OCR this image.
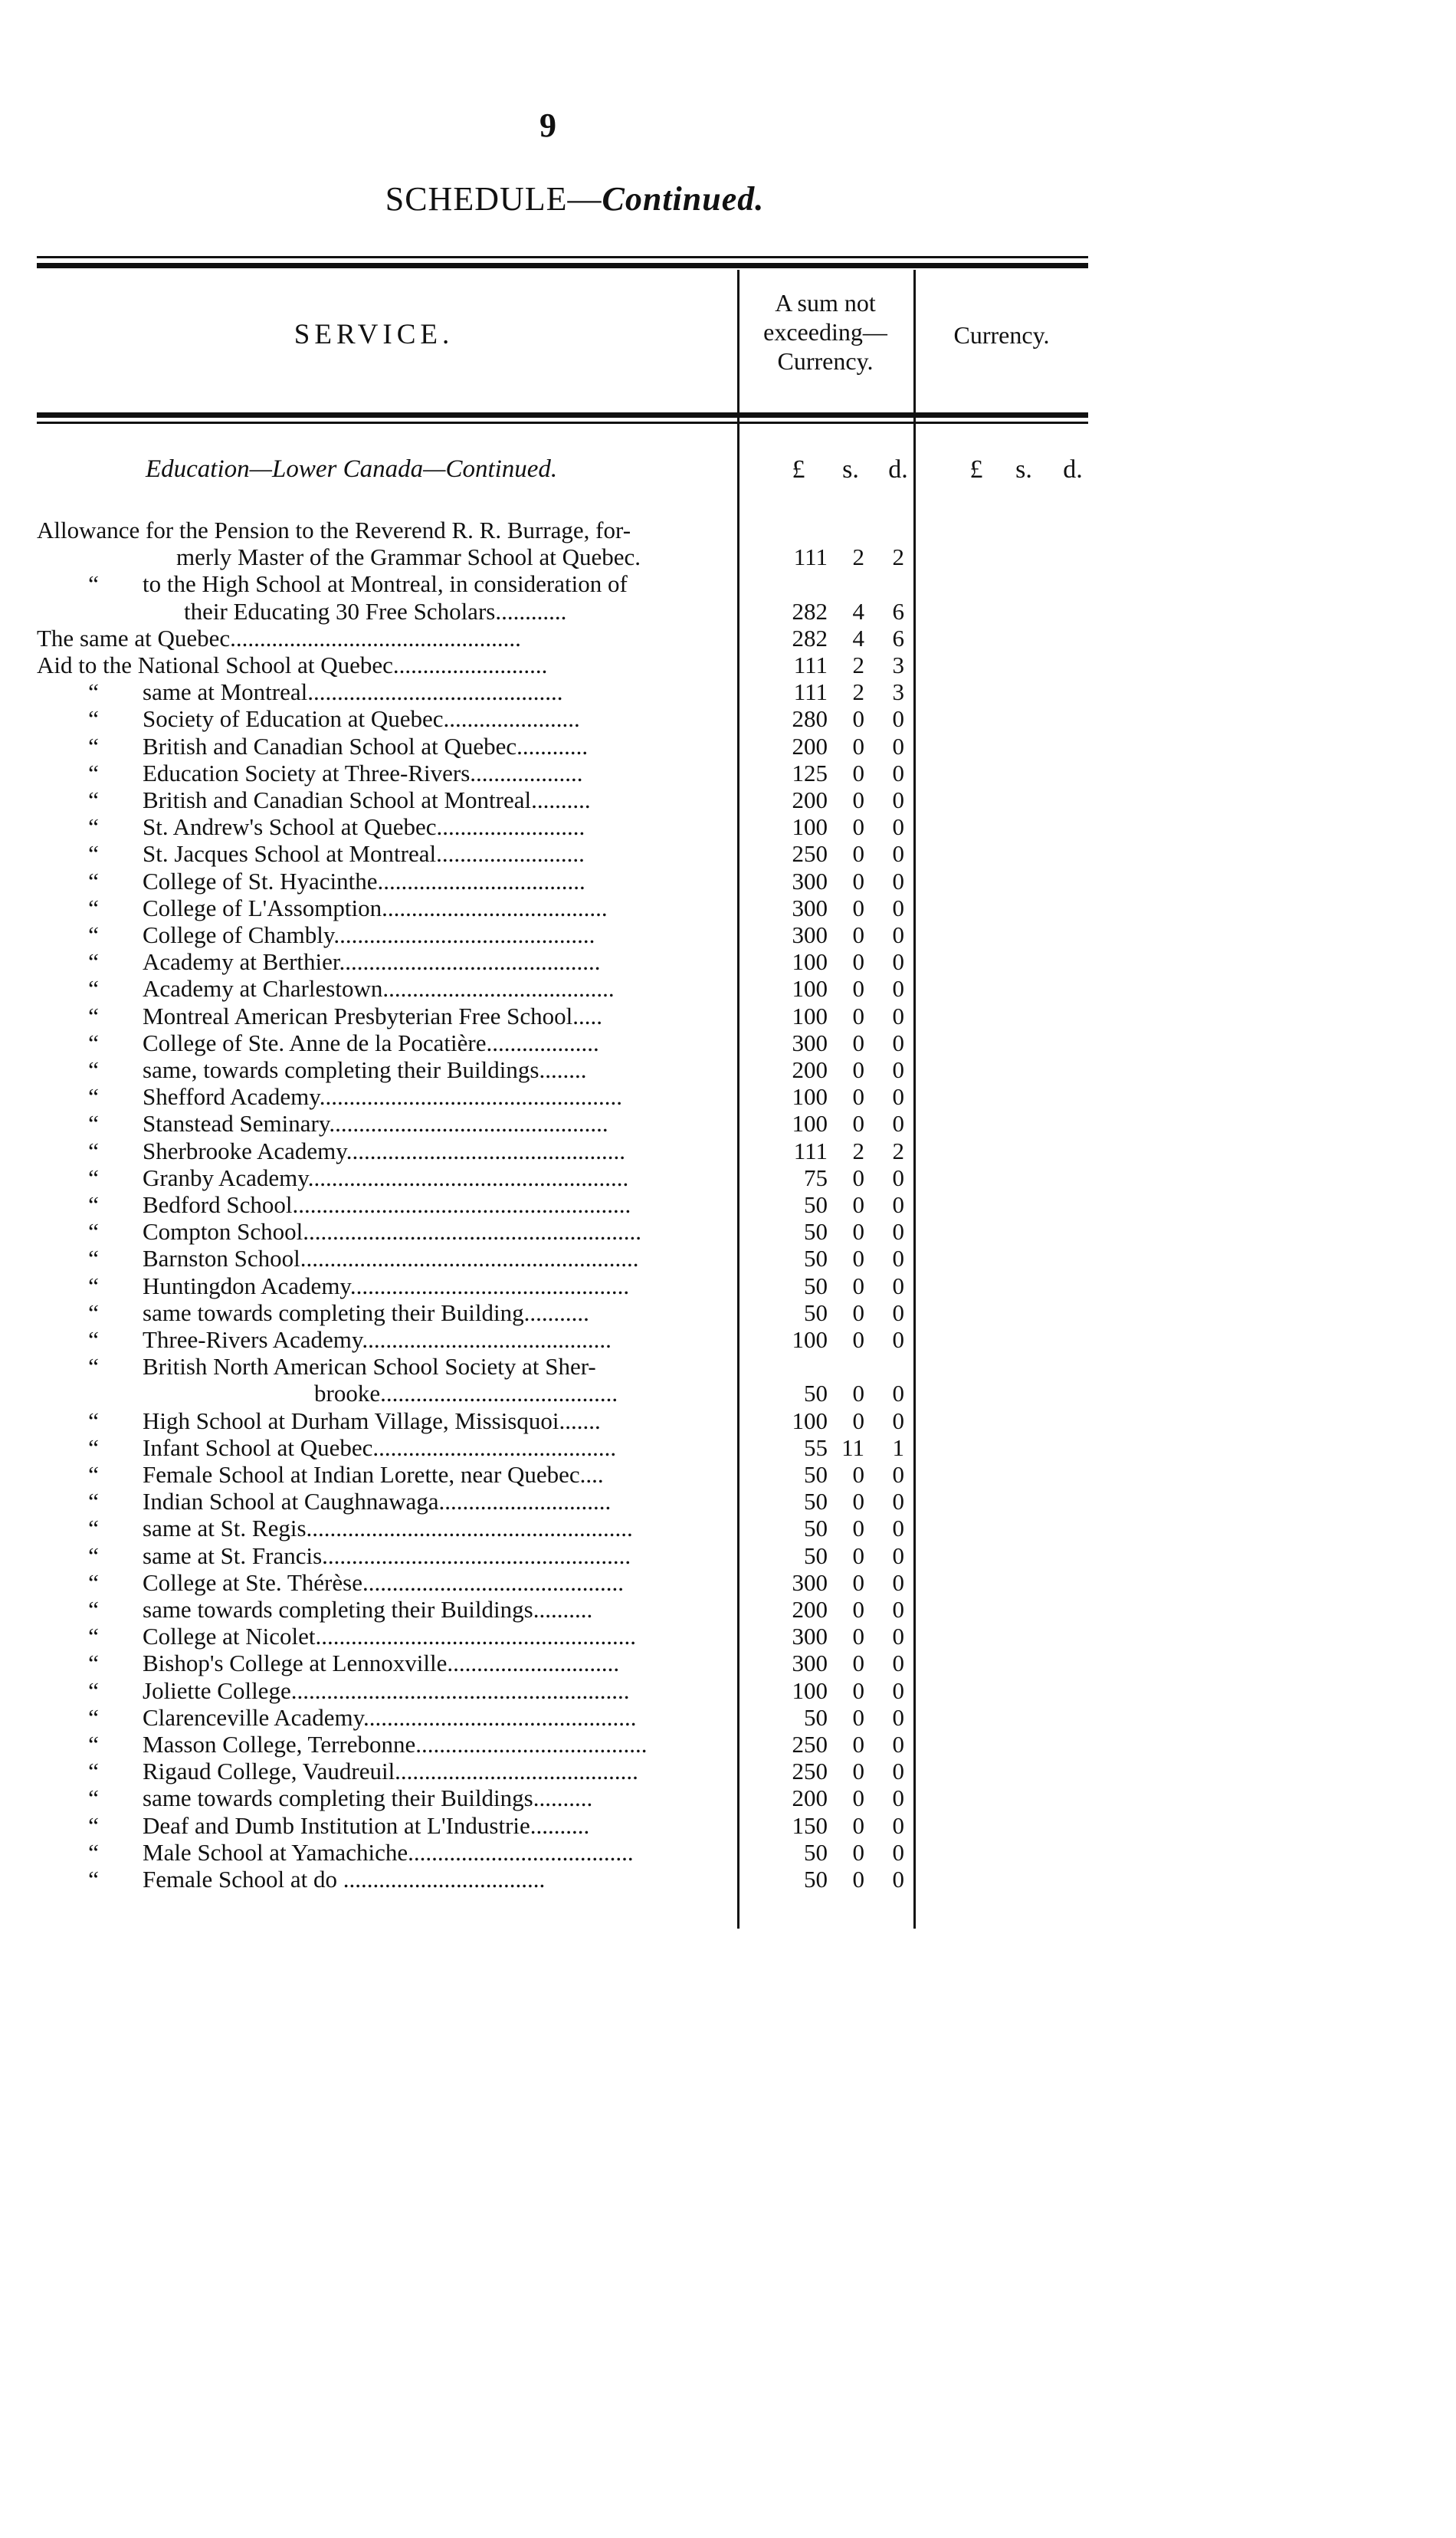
9
SCHEDULE—Continued.
SERVICE.
A sum not
exceeding—
Currency.
Currency.
Education—Lower Canada—Continued.	£	s.	d.	£	s.	d.
Allowance for the Pension to the Reverend R. R. Burrage, for-
merly Master of the Grammar School at Quebec.	111	2	2
“	to the High School at Montreal, in consideration of
their Educating 30 Free Scholars............	282	4	6
The same at Quebec.................................................	282	4	6
Aid to the National School at Quebec..........................	111	2	3
“	same at Montreal...........................................	111	2	3
“	Society of Education at Quebec.......................	280	0	0
“	British and Canadian School at Quebec............	200	0	0
“	Education Society at Three-Rivers...................	125	0	0
“	British and Canadian School at Montreal..........	200	0	0
“	St. Andrew's School at Quebec.........................	100	0	0
“	St. Jacques School at Montreal.........................	250	0	0
“	College of St. Hyacinthe...................................	300	0	0
“	College of L'Assomption......................................	300	0	0
“	College of Chambly............................................	300	0	0
“	Academy at Berthier............................................	100	0	0
“	Academy at Charlestown.......................................	100	0	0
“	Montreal American Presbyterian Free School.....	100	0	0
“	College of Ste. Anne de la Pocatière...................	300	0	0
“	same, towards completing their Buildings........	200	0	0
“	Shefford Academy...................................................	100	0	0
“	Stanstead Seminary...............................................	100	0	0
“	Sherbrooke Academy...............................................	111	2	2
“	Granby Academy......................................................	75	0	0
“	Bedford School.........................................................	50	0	0
“	Compton School.........................................................	50	0	0
“	Barnston School.........................................................	50	0	0
“	Huntingdon Academy...............................................	50	0	0
“	same towards completing their Building...........	50	0	0
“	Three-Rivers Academy..........................................	100	0	0
“	British North American School Society at Sher-
brooke........................................	50	0	0
“	High School at Durham Village, Missisquoi.......	100	0	0
“	Infant School at Quebec.........................................	55 11	1
“	Female School at Indian Lorette, near Quebec....	50	0	0
“	Indian School at Caughnawaga.............................	50	0	0
“	same at St. Regis.......................................................	50	0	0
“	same at St. Francis....................................................	50	0	0
“	College at Ste. Thérèse............................................	300	0	0
“	same towards completing their Buildings..........	200	0	0
“	College at Nicolet......................................................	300	0	0
“	Bishop's College at Lennoxville.............................	300	0	0
“	Joliette College.........................................................	100	0	0
“	Clarenceville Academy..............................................	50	0	0
“	Masson College, Terrebonne.......................................	250	0	0
“	Rigaud College, Vaudreuil.........................................	250	0	0
“	same towards completing their Buildings..........	200	0	0
“	Deaf and Dumb Institution at L'Industrie..........	150	0	0
“	Male School at Yamachiche......................................	50	0	0
“	Female School at do ..................................	50	0	0
